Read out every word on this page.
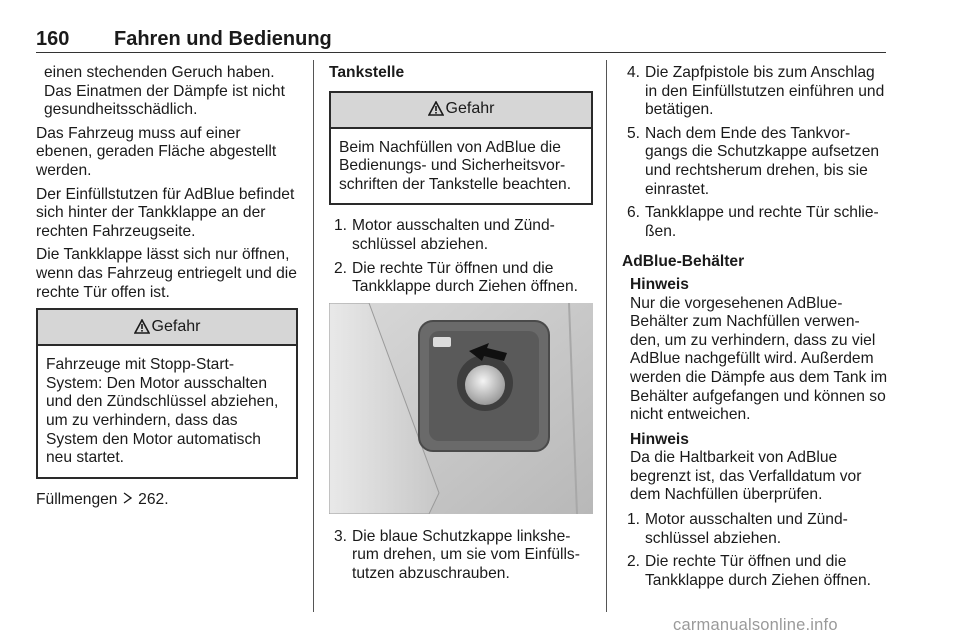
160 Fahren und Bedienung
einen stechenden Geruch haben. Das Einatmen der Dämpfe ist nicht gesundheitsschädlich.
Das Fahrzeug muss auf einer ebenen, geraden Fläche abgestellt werden.
Der Einfüllstutzen für AdBlue befindet sich hinter der Tankklappe an der rechten Fahrzeugseite.
Die Tankklappe lässt sich nur öffnen, wenn das Fahrzeug entriegelt und die rechte Tür offen ist.
Gefahr
Fahrzeuge mit Stopp-Start-System: Den Motor ausschalten und den Zündschlüssel abziehen, um zu verhindern, dass das System den Motor automatisch neu startet.
Füllmengen 262.
Tankstelle
Gefahr
Beim Nachfüllen von AdBlue die Bedienungs- und Sicherheitsvor-schriften der Tankstelle beachten.
1. Motor ausschalten und Zünd-schlüssel abziehen.
2. Die rechte Tür öffnen und die Tankklappe durch Ziehen öffnen.
3. Die blaue Schutzkappe linkshe-rum drehen, um sie vom Einfülls-tutzen abzuschrauben.
4. Die Zapfpistole bis zum Anschlag in den Einfüllstutzen einführen und betätigen.
5. Nach dem Ende des Tankvor-gangs die Schutzkappe aufsetzen und rechtsherum drehen, bis sie einrastet.
6. Tankklappe und rechte Tür schlie-ßen.
AdBlue-Behälter
Hinweis
Nur die vorgesehenen AdBlue-Behälter zum Nachfüllen verwen-den, um zu verhindern, dass zu viel AdBlue nachgefüllt wird. Außerdem werden die Dämpfe aus dem Tank im Behälter aufgefangen und können so nicht entweichen.
Hinweis
Da die Haltbarkeit von AdBlue begrenzt ist, das Verfalldatum vor dem Nachfüllen überprüfen.
1. Motor ausschalten und Zünd-schlüssel abziehen.
2. Die rechte Tür öffnen und die Tankklappe durch Ziehen öffnen.
carmanualsonline.info
